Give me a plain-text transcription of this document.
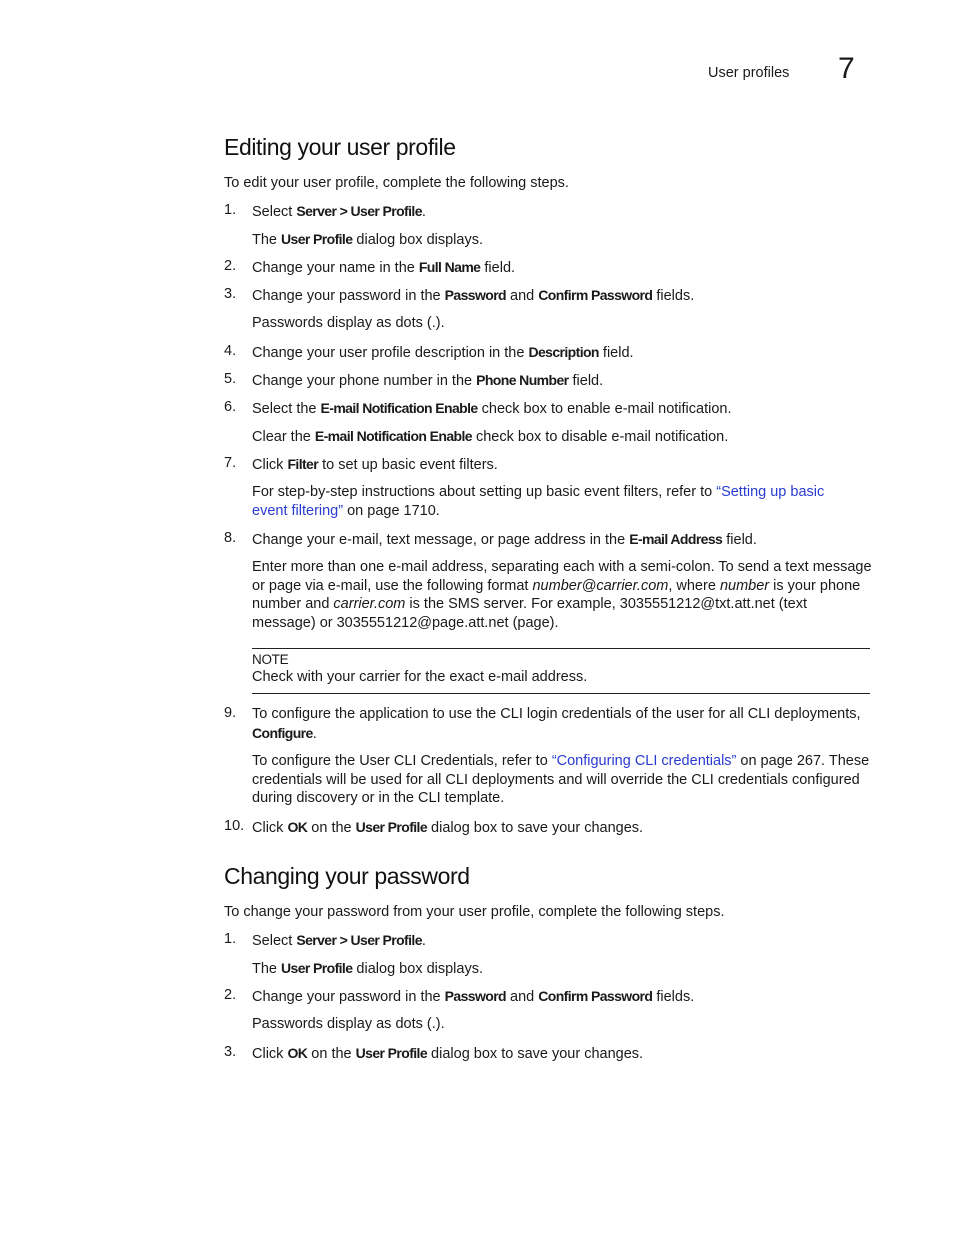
User profiles 7
Editing your user profile
To edit your user profile, complete the following steps.
1. Select Server > User Profile.
The User Profile dialog box displays.
2. Change your name in the Full Name field.
3. Change your password in the Password and Confirm Password fields.
Passwords display as dots (.).
4. Change your user profile description in the Description field.
5. Change your phone number in the Phone Number field.
6. Select the E-mail Notification Enable check box to enable e-mail notification.
Clear the E-mail Notification Enable check box to disable e-mail notification.
7. Click Filter to set up basic event filters.
For step-by-step instructions about setting up basic event filters, refer to “Setting up basic event filtering” on page 1710.
8. Change your e-mail, text message, or page address in the E-mail Address field.
Enter more than one e-mail address, separating each with a semi-colon. To send a text message or page via e-mail, use the following format number@carrier.com, where number is your phone number and carrier.com is the SMS server. For example, 3035551212@txt.att.net (text message) or 3035551212@page.att.net (page).
NOTE
Check with your carrier for the exact e-mail address.
9. To configure the application to use the CLI login credentials of the user for all CLI deployments, Configure.
To configure the User CLI Credentials, refer to “Configuring CLI credentials” on page 267. These credentials will be used for all CLI deployments and will override the CLI credentials configured during discovery or in the CLI template.
10. Click OK on the User Profile dialog box to save your changes.
Changing your password
To change your password from your user profile, complete the following steps.
1. Select Server > User Profile.
The User Profile dialog box displays.
2. Change your password in the Password and Confirm Password fields.
Passwords display as dots (.).
3. Click OK on the User Profile dialog box to save your changes.
